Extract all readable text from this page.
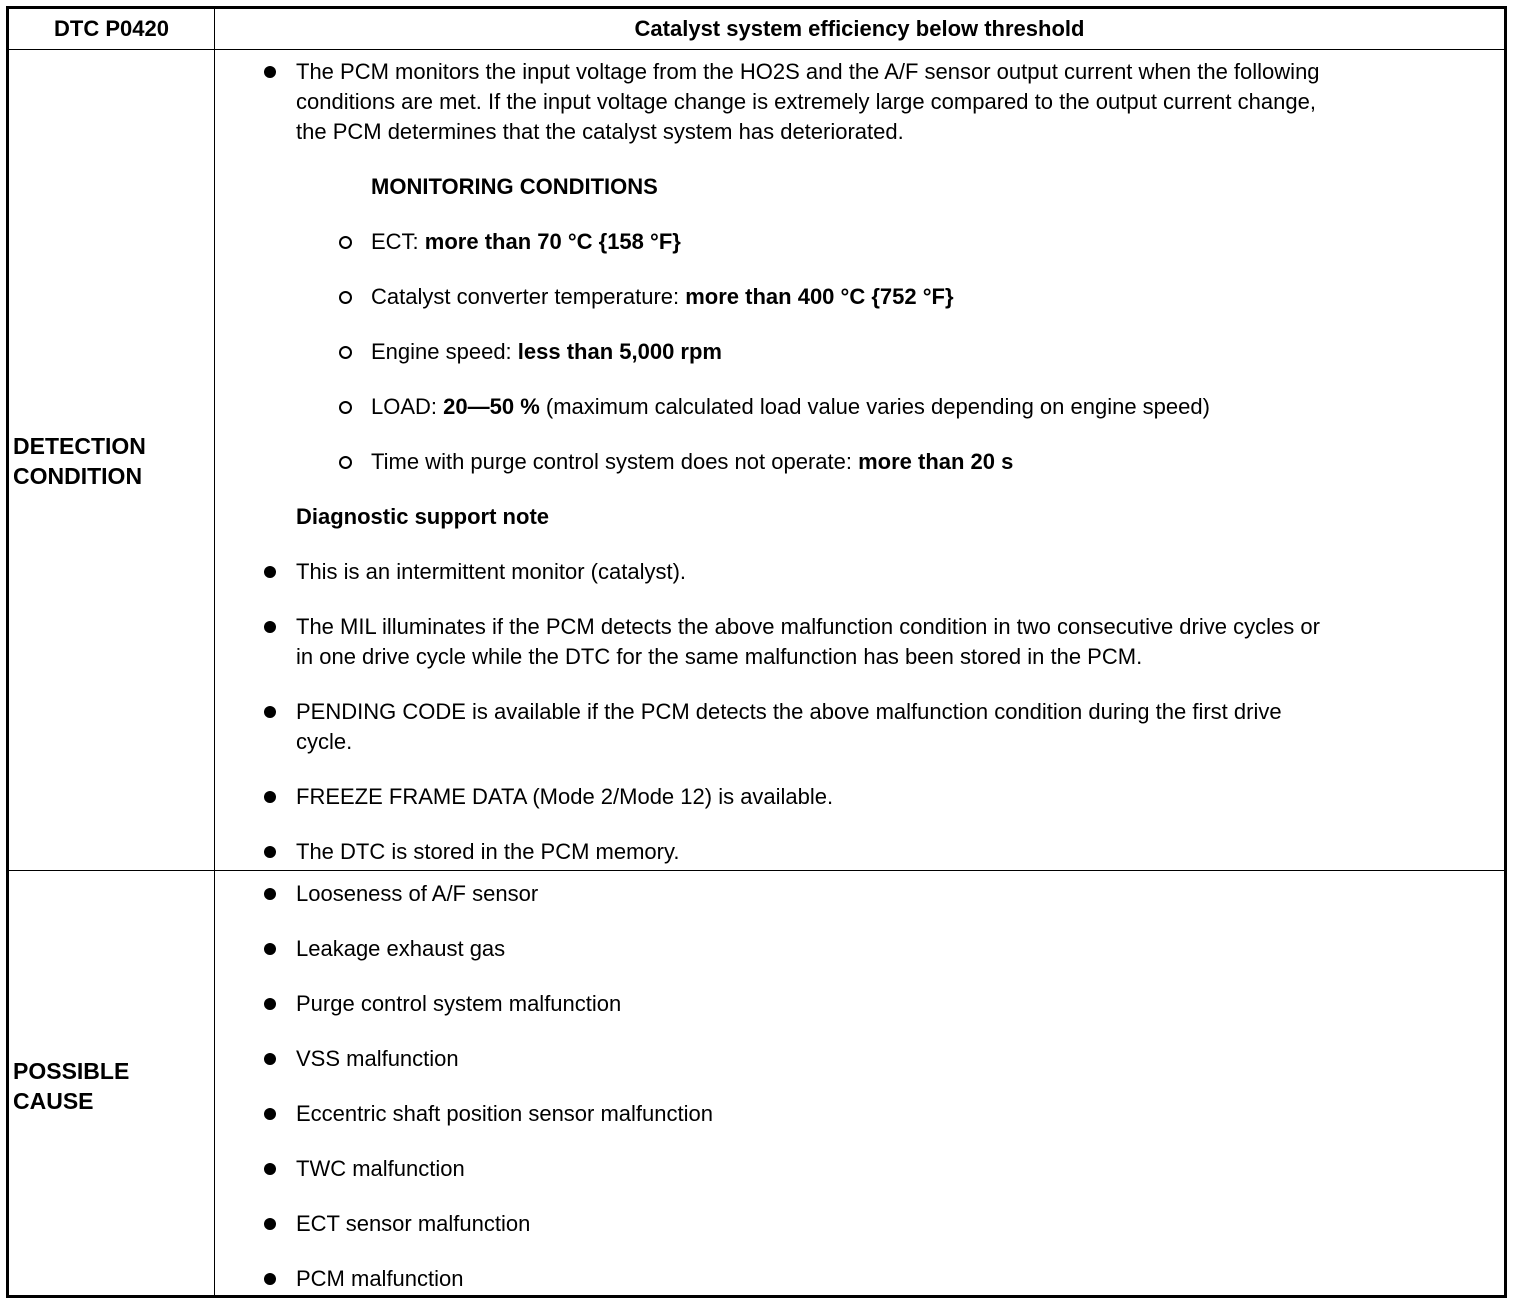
DTC P0420	Catalyst system efficiency below threshold
DETECTION
CONDITION
The PCM monitors the input voltage from the HO2S and the A/F sensor output current when the following
conditions are met. If the input voltage change is extremely large compared to the output current change,
the PCM determines that the catalyst system has deteriorated.
MONITORING CONDITIONS
ECT: more than 70 °C {158 °F}
Catalyst converter temperature: more than 400 °C {752 °F}
Engine speed: less than 5,000 rpm
LOAD: 20—50 % (maximum calculated load value varies depending on engine speed)
Time with purge control system does not operate: more than 20 s
Diagnostic support note
This is an intermittent monitor (catalyst).
The MIL illuminates if the PCM detects the above malfunction condition in two consecutive drive cycles or
in one drive cycle while the DTC for the same malfunction has been stored in the PCM.
PENDING CODE is available if the PCM detects the above malfunction condition during the first drive
cycle.
FREEZE FRAME DATA (Mode 2/Mode 12) is available.
The DTC is stored in the PCM memory.
POSSIBLE
CAUSE
Looseness of A/F sensor
Leakage exhaust gas
Purge control system malfunction
VSS malfunction
Eccentric shaft position sensor malfunction
TWC malfunction
ECT sensor malfunction
PCM malfunction
